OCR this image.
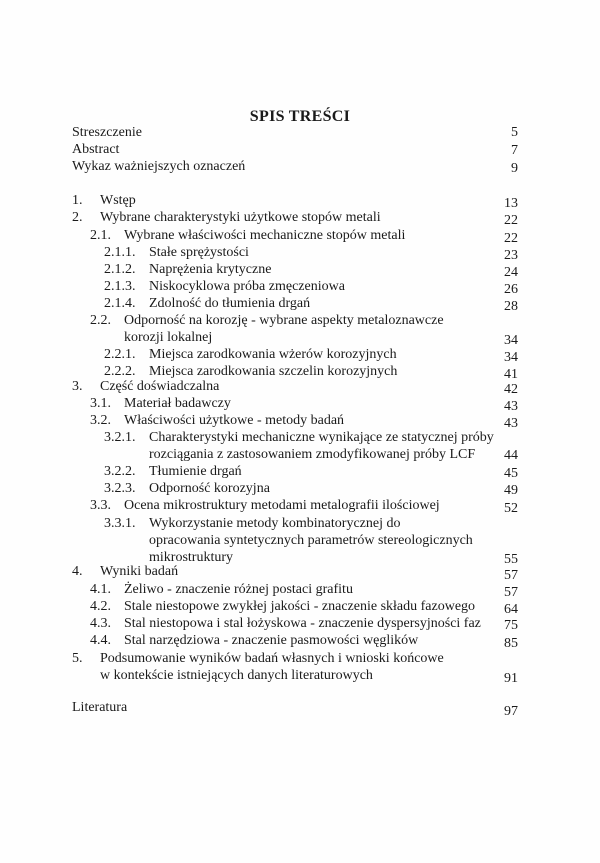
SPIS TREŚCI
Streszczenie	5
Abstract	7
Wykaz ważniejszych oznaczeń	9
1. Wstęp	13
2. Wybrane charakterystyki użytkowe stopów metali	22
2.1. Wybrane właściwości mechaniczne stopów metali	22
2.1.1. Stałe sprężystości	23
2.1.2. Naprężenia krytyczne	24
2.1.3. Niskocyklowa próba zmęczeniowa	26
2.1.4. Zdolność do tłumienia drgań	28
2.2. Odporność na korozję - wybrane aspekty metaloznawcze
korozji lokalnej	34
2.2.1. Miejsca zarodkowania wżerów korozyjnych	34
2.2.2. Miejsca zarodkowania szczelin korozyjnych	41
3. Część doświadczalna	42
3.1. Materiał badawczy	43
3.2. Właściwości użytkowe - metody badań	43
3.2.1. Charakterystyki mechaniczne wynikające ze statycznej próby
rozciągania z zastosowaniem zmodyfikowanej próby LCF	44
3.2.2. Tłumienie drgań	45
3.2.3. Odporność korozyjna	49
3.3. Ocena mikrostruktury metodami metalografii ilościowej	52
3.3.1. Wykorzystanie metody kombinatorycznej do
opracowania syntetycznych parametrów stereologicznych
mikrostruktury	55
4. Wyniki badań	57
4.1. Żeliwo - znaczenie różnej postaci grafitu	57
4.2. Stale niestopowe zwykłej jakości - znaczenie składu fazowego	64
4.3. Stal niestopowa i stal łożyskowa - znaczenie dyspersyjności faz	75
4.4. Stal narzędziowa - znaczenie pasmowości węglików	85
5. Podsumowanie wyników badań własnych i wnioski końcowe
w kontekście istniejących danych literaturowych	91
Literatura	97
